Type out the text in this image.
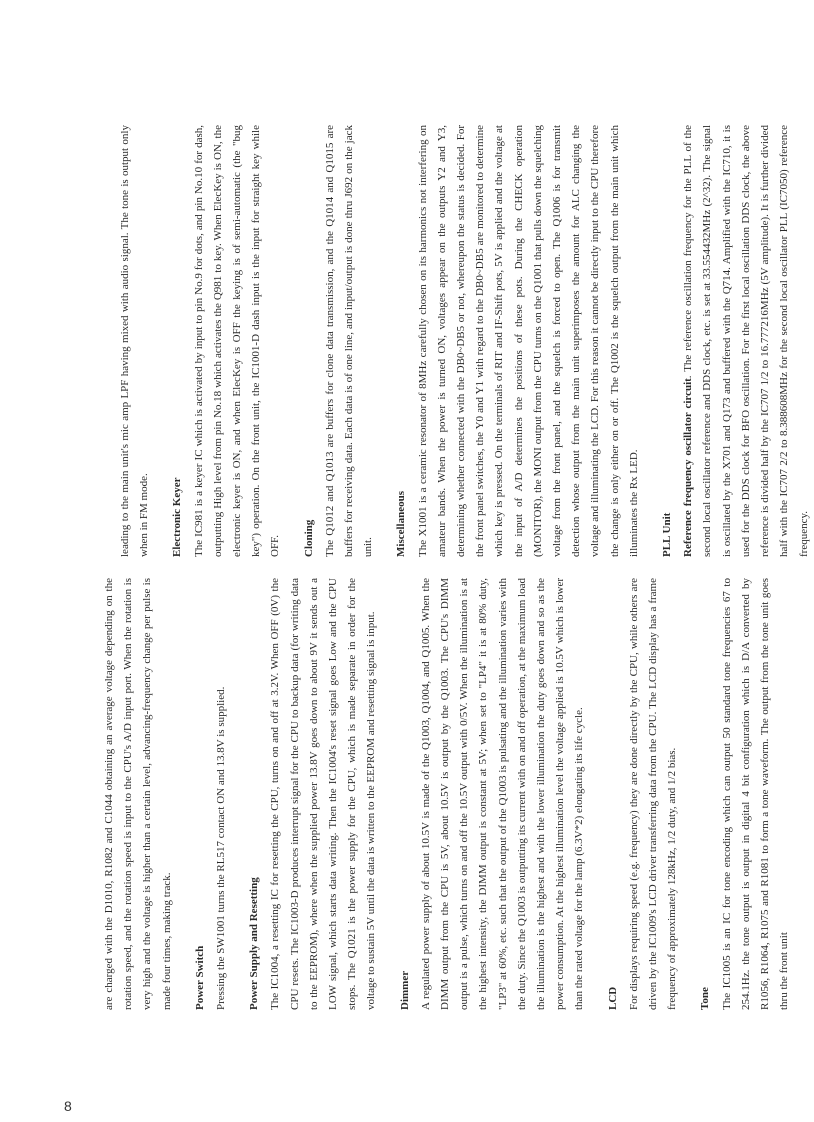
8

are charged with the D1010, R1082 and C1044 obtaining an average voltage depending on the rotation speed, and the rotation speed is input to the CPU's A/D input port. When the rotation is very high and the voltage is higher than a certain level, advancing-frequency change per pulse is made four times, making track.	Power Switch Pressing the SW1001 turns the RL517 contact ON and 13.8V is supplied.	Power Supply and Resetting The IC1004, a resetting IC for resetting the CPU, turns on and off at 3.2V. When OFF (0V) the CPU resets. The IC1003-D produces interrupt signal for the CPU to backup data (for writing data to the EEPROM), where when the supplied power 13.8V goes down to about 9V it sends out a LOW signal, which starts data writing. Then the IC1004's reset signal goes Low and the CPU stops. The Q1021 is the power supply for the CPU, which is made separate in order for the voltage to sustain 5V until the data is written to the EEPROM and resetting signal is input.	Dimmer A regulated power supply of about 10.5V is made of the Q1003, Q1004, and Q1005. When the DIMM output from the CPU is 5V, about 10.5V is output by the Q1003. The CPU's DIMM output is a pulse, which turns on and off the 10.5V output with 0/5V. When the illumination is at the highest intensity, the DIMM output is constant at 5V; when set to "LP4" it is at 80% duty, "LP3" at 60%, etc. such that the output of the Q1003 is pulsating and the illumination varies with the duty. Since the Q1003 is outputting its current with on and off operation, at the maximum load the illumination is the highest and with the lower illumination the duty goes down and so as the power consumption. At the highest illumination level the voltage applied is 10.5V which is lower than the rated voltage for the lamp (6.3V*2) elongating its life cycle.	LCD For displays requiring speed (e.g. frequency) they are done directly by the CPU, while others are driven by the IC1009's LCD driver transferring data from the CPU. The LCD display has a frame frequency of approximately 128kHz, 1/2 duty, and 1/2 bias.	Tone The IC1005 is an IC for tone encoding which can output 50 standard tone frequencies 67 to 254.1Hz. the tone output is output in digital 4 bit configuration which is D/A converted by R1056, R1064, R1075 and R1081 to form a tone waveform. The output from the tone unit goes thru the front unit

leading to the main unit's mic amp LPF having mixed with audio signal. The tone is output only when in FM mode.	Electronic Keyer The IC981 is a keyer IC which is activated by input to pin No.9 for dots, and pin No.10 for dash, outputting High level from pin No.18 which activates the Q981 to key. When ElecKey is ON, the electronic keyer is ON, and when ElecKey is OFF the keying is of semi-automatic (the "bug key") operation. On the front unit, the IC1001-D dash input is the input for straight key while OFF.	Cloning The Q1012 and Q1013 are buffers for clone data transmission, and the Q1014 and Q1015 are buffers for receiving data. Each data is of one line, and input/output is done thru J692 on the jack unit.	Miscellaneous The X1001 is a ceramic resonator of 8MHz carefully chosen on its harmonics not interfering on amateur bands. When the power is turned ON, voltages appear on the outputs Y2 and Y3, determining whether connected with the DB0~DB5 or not, whereupon the status is decided. For the front panel switches, the Y0 and Y1 with regard to the DB0~DB5 are monitored to determine which key is pressed. On the terminals of RIT and IF-Shift pots, 5V is applied and the voltage at the input of A/D determines the positions of these pots. During the CHECK operation (MONITOR), the MONI output from the CPU turns on the Q1001 that pulls down the squelching voltage from the front panel, and the squelch is forced to open. The Q1006 is for transmit detection whose output from the main unit superimposes the amount for ALC changing the voltage and illuminating the LCD. For this reason it cannot be directly input to the CPU therefore the change is only either on or off. The Q1002 is the squelch output from the main unit which illuminates the Rx LED.	PLL Unit Reference frequency oscillator circuit. The reference oscillation frequency for the PLL of the second local oscillator reference and DDS clock, etc. is set at 33.554432MHz (2^32). The signal is oscillated by the X701 and Q173 and buffered with the Q714. Amplified with the IC710, it is used for the DDS clock for BFO oscillation. For the first local oscillation DDS clock, the above reference is divided half by the IC707 1/2 to 16.777216MHz (5V amplitude). It is further divided half with the IC707 2/2 to 8.388608MHz for the second local oscillator PLL (IC7050) reference frequency.
